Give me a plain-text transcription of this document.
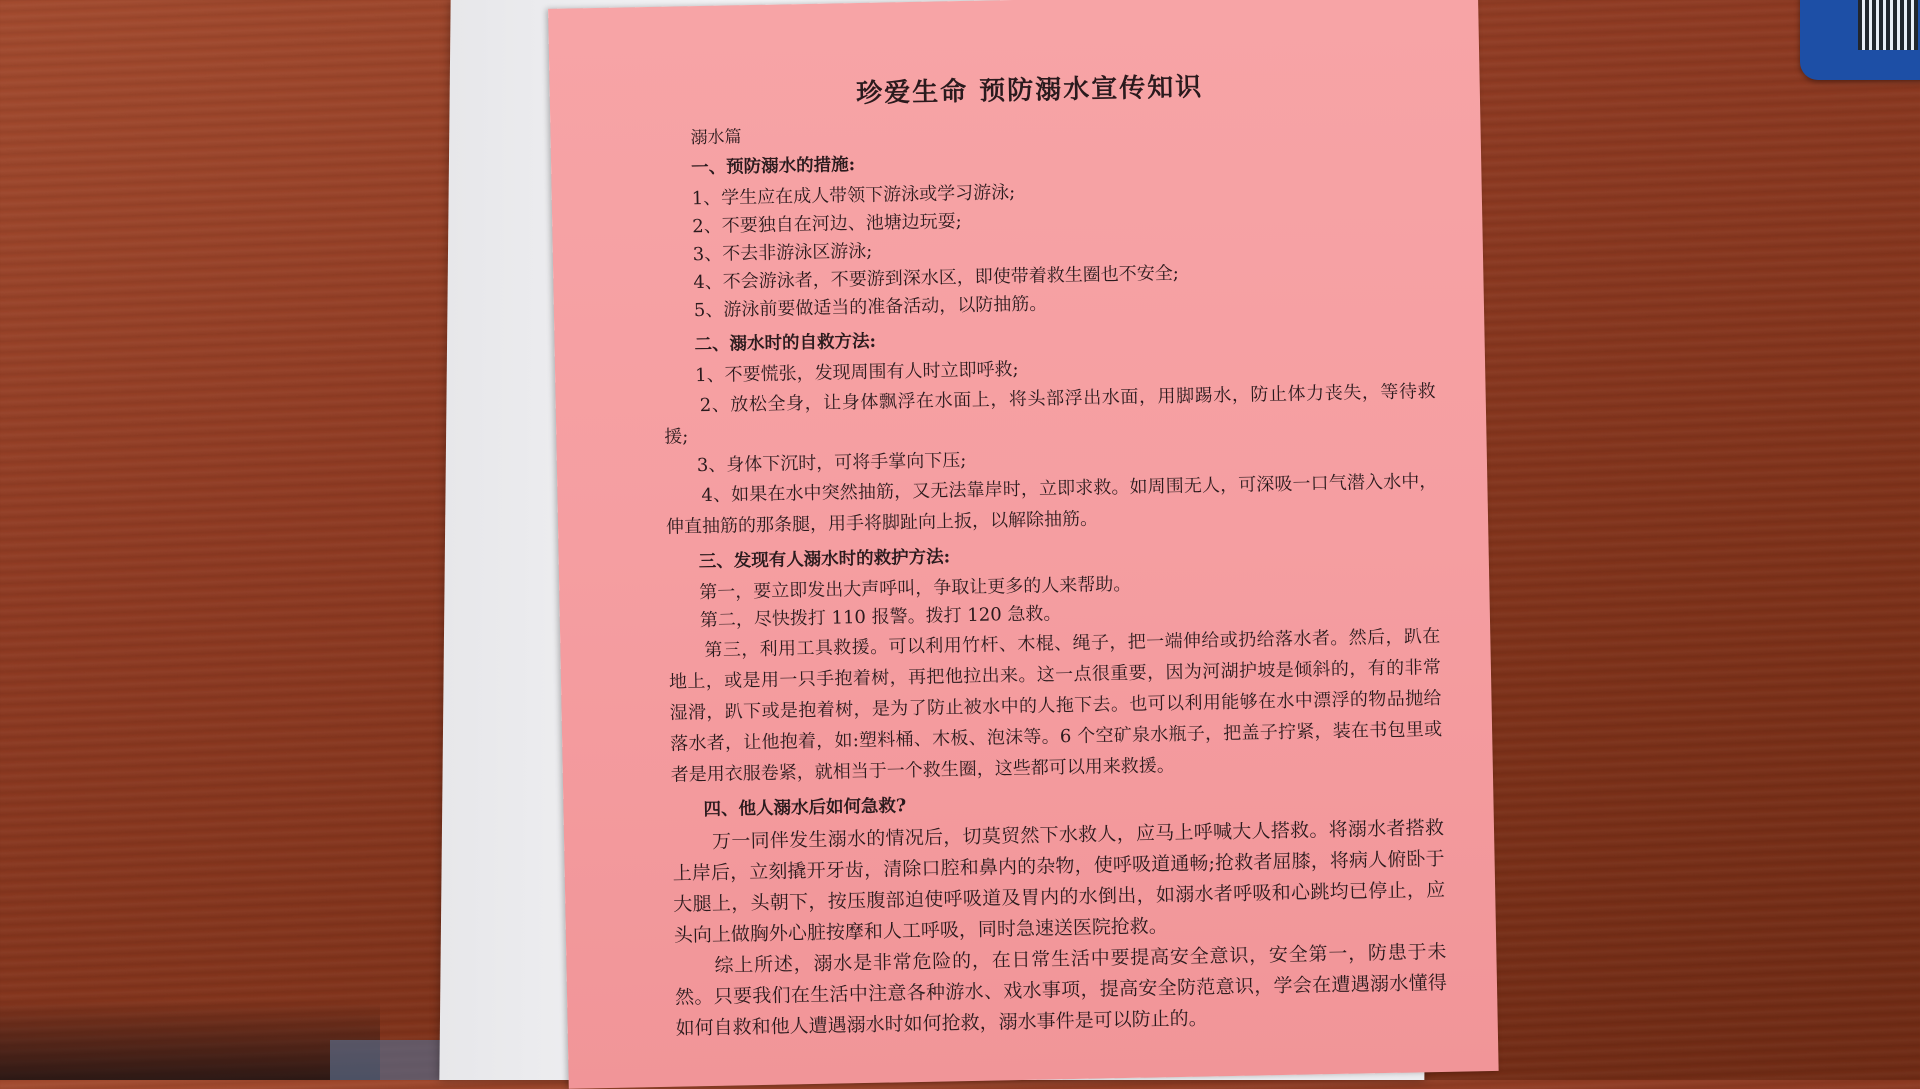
珍爱生命 预防溺水宣传知识
溺水篇
一、预防溺水的措施:
1、学生应在成人带领下游泳或学习游泳;
2、不要独自在河边、池塘边玩耍;
3、不去非游泳区游泳;
4、不会游泳者，不要游到深水区，即使带着救生圈也不安全;
5、游泳前要做适当的准备活动，以防抽筋。
二、溺水时的自救方法:
1、不要慌张，发现周围有人时立即呼救;
2、放松全身，让身体飘浮在水面上，将头部浮出水面，用脚踢水，防止体力丧失，等待救援;
3、身体下沉时，可将手掌向下压;
4、如果在水中突然抽筋，又无法靠岸时，立即求救。如周围无人，可深吸一口气潜入水中，伸直抽筋的那条腿，用手将脚趾向上扳，以解除抽筋。
三、发现有人溺水时的救护方法:
第一，要立即发出大声呼叫，争取让更多的人来帮助。
第二，尽快拨打 110 报警。拨打 120 急救。
第三，利用工具救援。可以利用竹杆、木棍、绳子，把一端伸给或扔给落水者。然后，趴在地上，或是用一只手抱着树，再把他拉出来。这一点很重要，因为河湖护坡是倾斜的，有的非常湿滑，趴下或是抱着树，是为了防止被水中的人拖下去。也可以利用能够在水中漂浮的物品抛给落水者，让他抱着，如:塑料桶、木板、泡沫等。6 个空矿泉水瓶子，把盖子拧紧，装在书包里或者是用衣服卷紧，就相当于一个救生圈，这些都可以用来救援。
四、他人溺水后如何急救?
万一同伴发生溺水的情况后，切莫贸然下水救人，应马上呼喊大人搭救。将溺水者搭救上岸后，立刻撬开牙齿，清除口腔和鼻内的杂物，使呼吸道通畅;抢救者屈膝，将病人俯卧于大腿上，头朝下，按压腹部迫使呼吸道及胃内的水倒出，如溺水者呼吸和心跳均已停止，应头向上做胸外心脏按摩和人工呼吸，同时急速送医院抢救。
综上所述，溺水是非常危险的，在日常生活中要提高安全意识，安全第一，防患于未然。只要我们在生活中注意各种游水、戏水事项，提高安全防范意识，学会在遭遇溺水懂得如何自救和他人遭遇溺水时如何抢救，溺水事件是可以防止的。
